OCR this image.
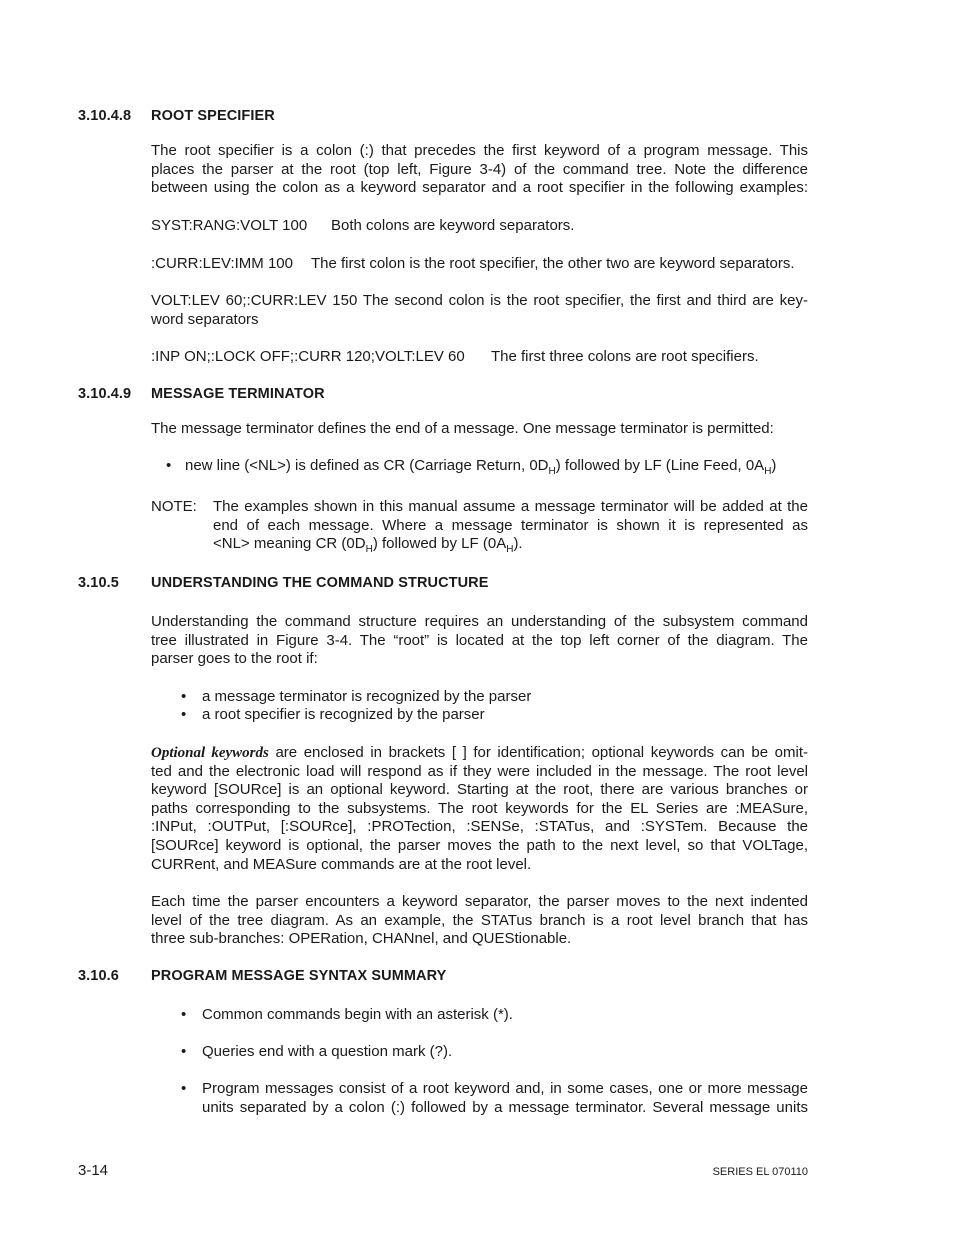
3.10.4.8 ROOT SPECIFIER
The root specifier is a colon (:) that precedes the first keyword of a program message. This
places the parser at the root (top left, Figure 3-4) of the command tree. Note the difference
between using the colon as a keyword separator and a root specifier in the following examples:
SYST:RANG:VOLT 100 Both colons are keyword separators.
:CURR:LEV:IMM 100 The first colon is the root specifier, the other two are keyword separators.
VOLT:LEV 60;:CURR:LEV 150 The second colon is the root specifier, the first and third are key-
word separators
:INP ON;:LOCK OFF;:CURR 120;VOLT:LEV 60 The first three colons are root specifiers.
3.10.4.9 MESSAGE TERMINATOR
The message terminator defines the end of a message. One message terminator is permitted:
• new line (<NL>) is defined as CR (Carriage Return, $0D_H$) followed by LF (Line Feed, $0A_H$)
NOTE: The examples shown in this manual assume a message terminator will be added at the
end of each message. Where a message terminator is shown it is represented as
<NL> meaning CR $(0D_H)$ followed by LF $(0A_H)$.
3.10.5 UNDERSTANDING THE COMMAND STRUCTURE
Understanding the command structure requires an understanding of the subsystem command
tree illustrated in Figure 3-4. The “root” is located at the top left corner of the diagram. The
parser goes to the root if:
• a message terminator is recognized by the parser
• a root specifier is recognized by the parser
Optional keywords are enclosed in brackets [ ] for identification; optional keywords can be omit-
ted and the electronic load will respond as if they were included in the message. The root level
keyword [SOURce] is an optional keyword. Starting at the root, there are various branches or
paths corresponding to the subsystems. The root keywords for the EL Series are :MEASure,
:INPut, :OUTPut, [:SOURce], :PROTection, :SENSe, :STATus, and :SYSTem. Because the
[SOURce] keyword is optional, the parser moves the path to the next level, so that VOLTage,
CURRent, and MEASure commands are at the root level.
Each time the parser encounters a keyword separator, the parser moves to the next indented
level of the tree diagram. As an example, the STATus branch is a root level branch that has
three sub-branches: OPERation, CHANnel, and QUEStionable.
3.10.6 PROGRAM MESSAGE SYNTAX SUMMARY
• Common commands begin with an asterisk (*).
• Queries end with a question mark (?).
• Program messages consist of a root keyword and, in some cases, one or more message
units separated by a colon (:) followed by a message terminator. Several message units
3-14	SERIES EL 070110
